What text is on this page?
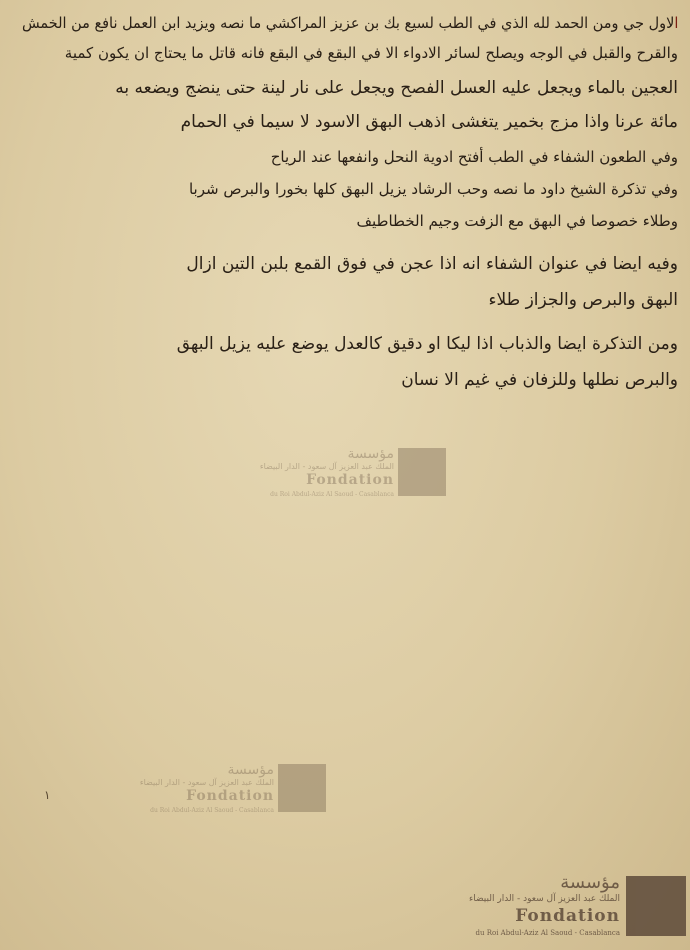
الاول جي ومن الحمد لله الذي في الطب لسيع بك بن عزيز المراكشي ما نصه ويزيد ابن العمل نافع من الخمش
والقرح والقبل في الوجه ويصلح لسائر الادواء الا في البقع في البقع فانه قاتل ما يحتاج ان يكون كمية
العجين بالماء ويجعل عليه العسل الفصح ويجعل على نار لينة حتى ينضج ويضعه به
مائة عرنا واذا مزج بخمير يتغشى اذهب البهق الاسود لا سيما في الحمام
وفي الطعون الشفاء في الطب أفتح ادوية النحل وانفعها عند الرياح
وفي تذكرة الشيخ داود ما نصه وحب الرشاد يزيل البهق كلها بخورا والبرص شربا
وطلاء خصوصا في البهق مع الزفت وجيم الخطاطيف
وفيه ايضا في عنوان الشفاء انه اذا عجن في فوق القمع بلبن التين ازال
البهق والبرص والجزاز طلاء
ومن التذكرة ايضا والذباب اذا ليكا او دقيق كالعدل يوضع عليه يزيل البهق
والبرص نطلها وللزفان في غيم الا نسان
١
مؤسسة
الملك عبد العزيز آل سعود - الدار البيضاء
Fondation
du Roi Abdul-Aziz Al Saoud - Casablanca
مؤسسة
الملك عبد العزيز آل سعود - الدار البيضاء
Fondation
du Roi Abdul-Aziz Al Saoud - Casablanca
مؤسسة
الملك عبد العزيز آل سعود - الدار البيضاء
Fondation
du Roi Abdul-Aziz Al Saoud - Casablanca
